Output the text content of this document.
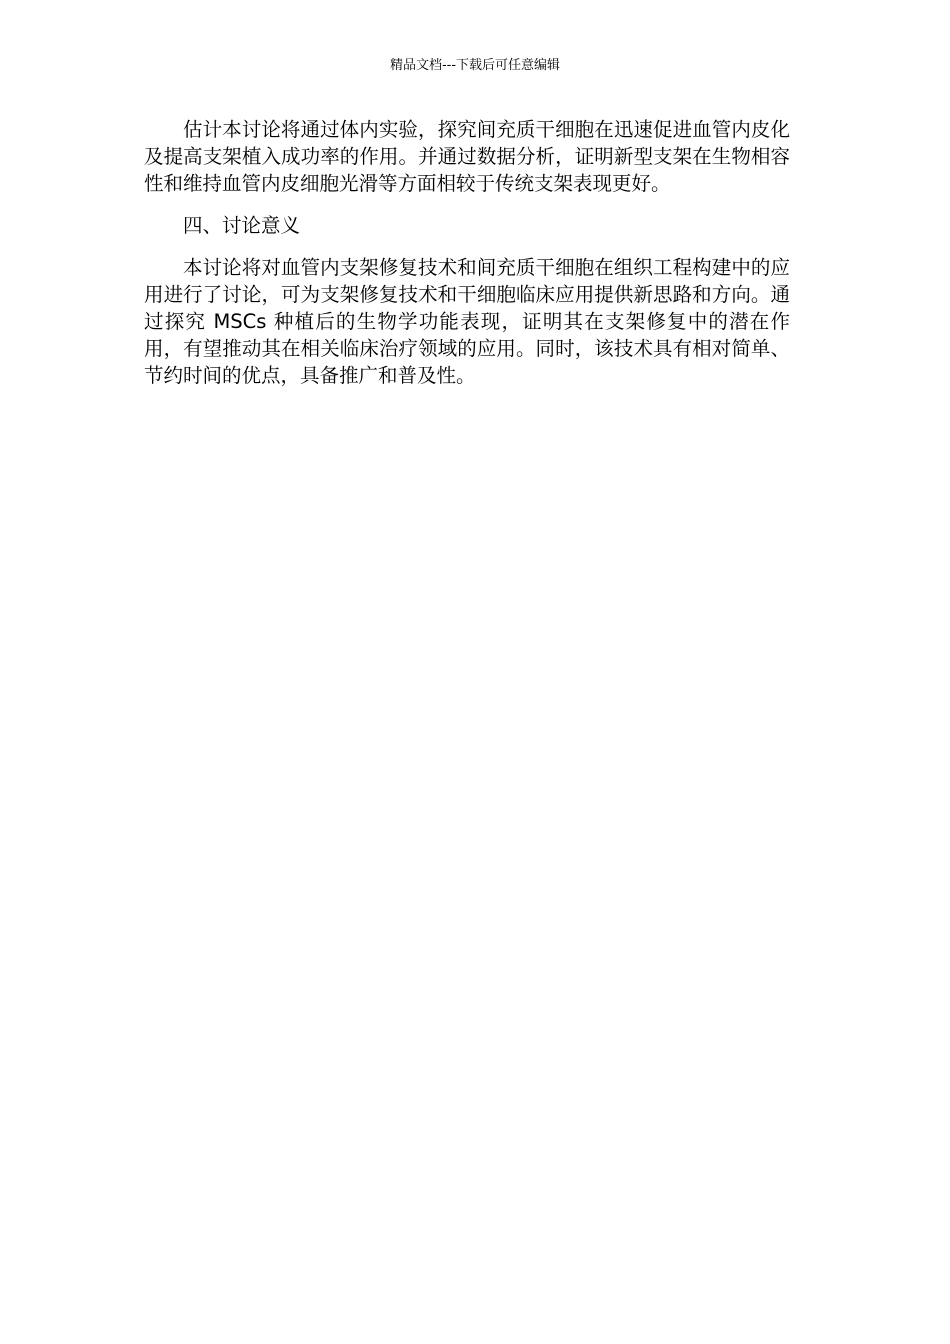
精品文档---下载后可任意编辑

估计本讨论将通过体内实验，探究间充质干细胞在迅速促进血管内皮化及提高支架植入成功率的作用。并通过数据分析，证明新型支架在生物相容性和维持血管内皮细胞光滑等方面相较于传统支架表现更好。

四、讨论意义

本讨论将对血管内支架修复技术和间充质干细胞在组织工程构建中的应用进行了讨论，可为支架修复技术和干细胞临床应用提供新思路和方向。通过探究 MSCs 种植后的生物学功能表现，证明其在支架修复中的潜在作用，有望推动其在相关临床治疗领域的应用。同时，该技术具有相对简单、节约时间的优点，具备推广和普及性。
